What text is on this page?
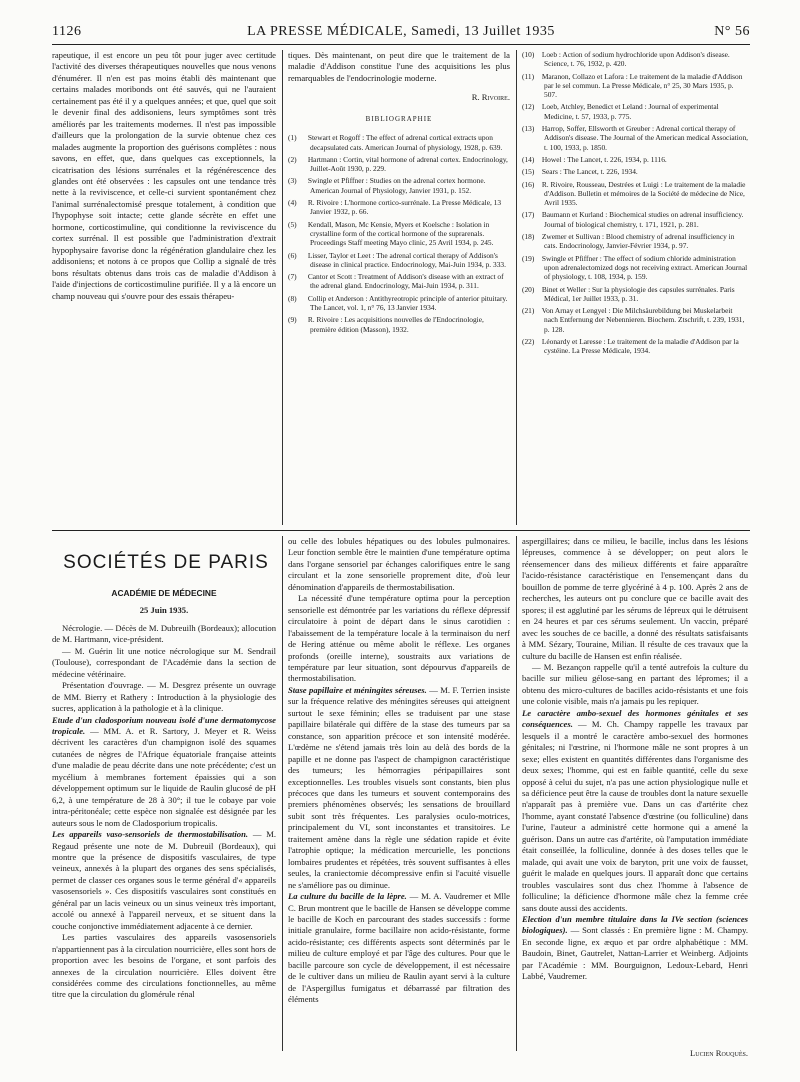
1126	LA PRESSE MÉDICALE, Samedi, 13 Juillet 1935	N° 56

rapeutique, il est encore un peu tôt pour juger avec certitude l'activité des diverses thérapeutiques nouvelles que nous venons d'énumérer. Il n'en est pas moins établi dès maintenant que certains malades moribonds ont été sauvés, qui ne l'auraient certainement pas été il y a quelques années; et que, quel que soit le devenir final des addisoniens, leurs symptômes sont très améliorés par les traitements modernes. Il n'est pas impossible d'ailleurs que la prolongation de la survie obtenue chez ces malades augmente la proportion des guérisons complètes : nous savons, en effet, que, dans quelques cas exceptionnels, la cicatrisation des lésions surrénales et la régénérescence des glandes ont été observées : les capsules ont une tendance très nette à la reviviscence, et celle-ci survient spontanément chez l'animal surrénalectomisé presque totalement, à condition que l'hypophyse soit intacte; cette glande sécrète en effet une hormone, corticostimuline, qui conditionne la reviviscence du cortex surrénal. Il est possible que l'administration d'extrait hypophysaire favorise donc la régénération glandulaire chez les addisoniens; et notons à ce propos que Collip a signalé de très bons résultats obtenus dans trois cas de maladie d'Addison à l'aide d'injections de corticostimuline purifiée. Il y a là encore un champ nouveau qui s'ouvre pour des essais thérapeu-

tiques. Dès maintenant, on peut dire que le traitement de la maladie d'Addison constitue l'une des acquisitions les plus remarquables de l'endocrinologie moderne.

R. Rivoire.
BIBLIOGRAPHIE
(1) Stewart et Rogoff : The effect of adrenal cortical extracts upon decapsulated cats. American Journal of physiology, 1928, p. 639.
(2) Hartmann : Cortin, vital hormone of adrenal cortex. Endocrinology, Juillet-Août 1930, p. 229.
(3) Swingle et Pfiffner : Studies on the adrenal cortex hormone. American Journal of Physiology, Janvier 1931, p. 152.
(4) R. Rivoire : L'hormone cortico-surrénale. La Presse Médicale, 13 Janvier 1932, p. 66.
(5) Kendall, Mason, Mc Kensie, Myers et Koelsche : Isolation in crystalline form of the cortical hormone of the suprarenals. Proceedings Staff meeting Mayo clinic, 25 Avril 1934, p. 245.
(6) Lisser, Taylor et Leet : The adrenal cortical therapy of Addison's disease in clinical practice. Endocrinology, Mai-Juin 1934, p. 333.
(7) Cantor et Scott : Treatment of Addison's disease with an extract of the adrenal gland. Endocrinology, Mai-Juin 1934, p. 311.
(8) Collip et Anderson : Antithyreotropic principle of anterior pituitary. The Lancet, vol. 1, n° 76, 13 Janvier 1934.
(9) R. Rivoire : Les acquisitions nouvelles de l'Endocrinologie, première édition (Masson), 1932.
(10) Loeb : Action of sodium hydrochloride upon Addison's disease. Science, t. 76, 1932, p. 420.
(11) Maranon, Collazo et Lafora : Le traitement de la maladie d'Addison par le sel commun. La Presse Médicale, n° 25, 30 Mars 1935, p. 507.
(12) Loeb, Atchley, Benedict et Leland : Journal of experimental Medicine, t. 57, 1933, p. 775.
(13) Harrop, Soffer, Ellsworth et Greuber : Adrenal cortical therapy of Addison's disease. The Journal of the American medical Association, t. 100, 1933, p. 1850.
(14) Howel : The Lancet, t. 226, 1934, p. 1116.
(15) Sears : The Lancet, t. 226, 1934.
(16) R. Rivoire, Rousseau, Destrées et Luigi : Le traitement de la maladie d'Addison. Bulletin et mémoires de la Société de médecine de Nice, Avril 1935.
(17) Baumann et Kurland : Biochemical studies on adrenal insufficiency. Journal of biological chemistry, t. 171, 1921, p. 281.
(18) Zwemer et Sullivan : Blood chemistry of adrenal insufficiency in cats. Endocrinology, Janvier-Février 1934, p. 97.
(19) Swingle et Pfiffner : The effect of sodium chloride administration upon adrenalectomized dogs not receiving extract. American Journal of physiology, t. 108, 1934, p. 159.
(20) Binet et Weller : Sur la physiologie des capsules surrénales. Paris Médical, 1er Juillet 1933, p. 31.
(21) Von Arnay et Lengyel : Die Milchsäurebildung bei Muskelarbeit nach Entfernung der Nebennieren. Biochem. Ztschrift, t. 239, 1931, p. 128.
(22) Léonardy et Laresse : Le traitement de la maladie d'Addison par la cystéine. La Presse Médicale, 1934.
SOCIÉTÉS DE PARIS
ACADÉMIE DE MÉDECINE
25 Juin 1935.

Nécrologie. — Décès de M. Dubreuilh (Bordeaux); allocution de M. Hartmann, vice-président.

— M. Guérin lit une notice nécrologique sur M. Sendrail (Toulouse), correspondant de l'Académie dans la section de médecine vétérinaire.

Présentation d'ouvrage. — M. Desgrez présente un ouvrage de MM. Bierry et Rathery : Introduction à la physiologie des sucres, application à la pathologie et à la clinique.

Etude d'un cladosporium nouveau isolé d'une dermatomycose tropicale. — MM. A. et R. Sartory, J. Meyer et R. Weiss décrivent les caractères d'un champignon isolé des squames cutanées de nègres de l'Afrique équatoriale française atteints d'une maladie de peau décrite dans une note précédente; c'est un mycélium à membranes fortement épaissies qui a son développement optimum sur le liquide de Raulin glucosé de pH 6,2, à une température de 28 à 30°; il tue le cobaye par voie intra-péritonéale; cette espèce non signalée est désignée par les auteurs sous le nom de Cladosporium tropicalis.

Les appareils vaso-sensoriels de thermostabilisation. — M. Regaud présente une note de M. Dubreuil (Bordeaux), qui montre que la présence de dispositifs vasculaires, de type veineux, annexés à la plupart des organes des sens spécialisés, permet de classer ces organes sous le terme général d'« appareils vasosensoriels ». Ces dispositifs vasculaires sont constitués en général par un lacis veineux ou un sinus veineux très important, accolé ou annexé à l'appareil nerveux, et se situent dans la couche conjonctive immédiatement adjacente à ce dernier.

Les parties vasculaires des appareils vasosensoriels n'appartiennent pas à la circulation nourricière, elles sont hors de proportion avec les besoins de l'organe, et sont parfois des annexes de la circulation nourricière. Elles doivent être considérées comme des circulations fonctionnelles, au même titre que la circulation du glomérule rénal

ou celle des lobules hépatiques ou des lobules pulmonaires. Leur fonction semble être le maintien d'une température optima dans l'organe sensoriel par échanges calorifiques entre le sang circulant et la zone sensorielle proprement dite, d'où leur dénomination d'appareils de thermostabilisation.

La nécessité d'une température optima pour la perception sensorielle est démontrée par les variations du réflexe dépressif circulatoire à point de départ dans le sinus carotidien : l'abaissement de la température locale à la terminaison du nerf de Hering atténue ou même abolit le réflexe. Les organes profonds (oreille interne), soustraits aux variations de température par leur situation, sont dépourvus d'appareils de thermostabilisation.

Stase papillaire et méningites séreuses. — M. F. Terrien insiste sur la fréquence relative des méningites séreuses qui atteignent surtout le sexe féminin; elles se traduisent par une stase papillaire bilatérale qui diffère de la stase des tumeurs par sa constance, son apparition précoce et son intensité modérée. L'œdème ne s'étend jamais très loin au delà des bords de la papille et ne donne pas l'aspect de champignon caractéristique des tumeurs; les hémorragies péripapillaires sont exceptionnelles. Les troubles visuels sont constants, bien plus précoces que dans les tumeurs et souvent contemporains des premiers phénomènes observés; les sensations de brouillard subit sont très fréquentes. Les paralysies oculo-motrices, principalement du VI, sont inconstantes et transitoires. Le traitement amène dans la règle une sédation rapide et évite l'atrophie optique; la médication mercurielle, les ponctions lombaires prudentes et répétées, très souvent suffisantes à elles seules, la craniectomie décompressive enfin si l'acuité visuelle ne s'améliore pas ou diminue.

La culture du bacille de la lèpre. — M. A. Vaudremer et Mlle C. Brun montrent que le bacille de Hansen se développe comme le bacille de Koch en parcourant des stades successifs : forme initiale granulaire, forme bacillaire non acido-résistante, forme acido-résistante; ces différents aspects sont déterminés par le milieu de culture employé et par l'âge des cultures. Pour que le bacille parcoure son cycle de développement, il est nécessaire de le cultiver dans un milieu de Raulin ayant servi à la culture de l'Aspergillus fumigatus et débarrassé par filtration des éléments

aspergillaires; dans ce milieu, le bacille, inclus dans les lésions lépreuses, commence à se développer; on peut alors le réensemencer dans des milieux différents et faire apparaître l'acido-résistance caractéristique en l'ensemençant dans du bouillon de pomme de terre glycériné à 4 p. 100. Après 2 ans de recherches, les auteurs ont pu conclure que ce bacille avait des spores; il est agglutiné par les sérums de lépreux qui le détruisent en 24 heures et par ces sérums seulement. Un vaccin, préparé avec les souches de ce bacille, a donné des résultats satisfaisants à MM. Sézary, Touraine, Milian. Il résulte de ces travaux que la culture du bacille de Hansen est enfin réalisée.

— M. Bezançon rappelle qu'il a tenté autrefois la culture du bacille sur milieu gélose-sang en partant des lépromes; il a obtenu des micro-cultures de bacilles acido-résistants et une fois une colonie visible, mais n'a jamais pu les repiquer.

Le caractère ambo-sexuel des hormones génitales et ses conséquences. — M. Ch. Champy rappelle les travaux par lesquels il a montré le caractère ambo-sexuel des hormones génitales; ni l'œstrine, ni l'hormone mâle ne sont propres à un sexe; elles existent en quantités différentes dans l'organisme des deux sexes; l'homme, qui est en faible quantité, celle du sexe opposé à celui du sujet, n'a pas une action physiologique nulle et sa déficience peut être la cause de troubles dont la nature sexuelle n'apparaît pas à première vue. Dans un cas d'artérite chez l'homme, ayant constaté l'absence d'œstrine (ou folliculine) dans l'urine, l'auteur a administré cette hormone qui a amené la guérison. Dans un autre cas d'artérite, où l'amputation immédiate était conseillée, la folliculine, donnée à des doses telles que le malade, qui avait une voix de baryton, prit une voix de fausset, guérit le malade en quelques jours. Il apparaît donc que certains troubles vasculaires sont dus chez l'homme à l'absence de folliculine; la déficience d'hormone mâle chez la femme crée sans doute aussi des accidents.

Election d'un membre titulaire dans la IVe section (sciences biologiques). — Sont classés : En première ligne : M. Champy. En seconde ligne, ex æquo et par ordre alphabétique : MM. Baudoin, Binet, Gautrelet, Nattan-Larrier et Weinberg. Adjoints par l'Académie : MM. Bourguignon, Ledoux-Lebard, Henri Labbé, Vaudremer.

Lucien Rouquès.
